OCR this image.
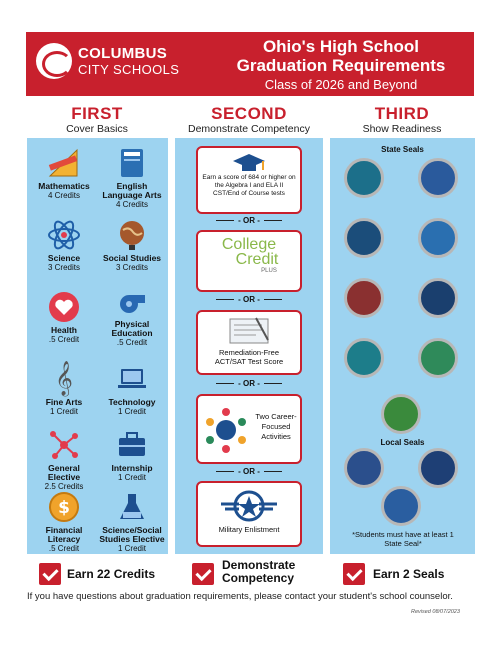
COLUMBUS
CITY SCHOOLS
Ohio's High School
Graduation Requirements
Class of 2026 and Beyond
FIRST
Cover Basics
SECOND
Demonstrate Competency
THIRD
Show Readiness
Mathematics
4 Credits
English Language Arts
4 Credits
Science
3 Credits
Social Studies
3 Credits
Health
.5 Credit
Physical Education
.5 Credit
𝄞
Fine Arts
1 Credit
Technology
1 Credit
General Elective
2.5 Credits
Internship
1 Credit
$
Financial Literacy
.5 Credit
Science/Social Studies Elective
1 Credit
Earn a score of 684 or higher on the Algebra I and ELA II CST/End of Course tests
- OR -
College
Credit
PLUS
- OR -
Remediation-Free ACT/SAT Test Score
- OR -
Two Career-Focused Activities
- OR -
Military Enlistment
State Seals
Local Seals
*Students must have at least 1 State Seal*
Earn 22 Credits
Demonstrate
Competency	Earn 2 Seals
If you have questions about graduation requirements, please contact your student's school counselor.
Revised 08/07/2023
